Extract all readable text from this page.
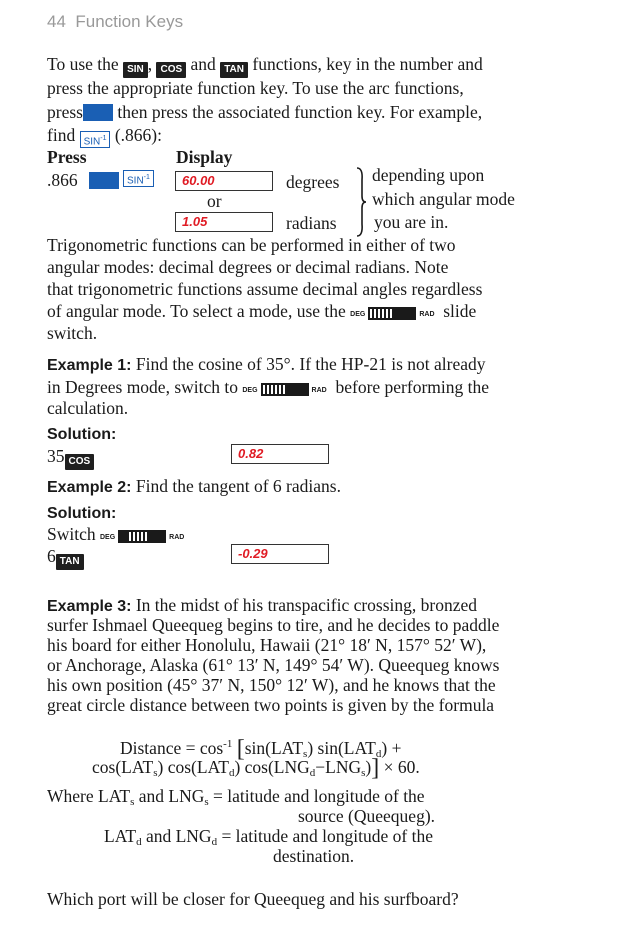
44 Function Keys
To use the SIN , COS and TAN functions, key in the number and
press the appropriate function key. To use the arc functions,
press then press the associated function key. For example,
find $SIN^{-1}$ (.866):
Press	Display
.866	$SIN^{-1}$	60.00	degrees
or
1.05	radians
depending upon
which angular mode
you are in.
Trigonometric functions can be performed in either of two
angular modes: decimal degrees or decimal radians. Note
that trigonometric functions assume decimal angles regardless
of angular mode. To select a mode, use the DEG	RAD slide
switch.
Example 1: Find the cosine of 35°. If the HP-21 is not already
in Degrees mode, switch to DEG	RAD before performing the
calculation.
Solution:
35 COS
0.82
Example 2: Find the tangent of 6 radians.
Solution:
Switch DEG	RAD
6 TAN
-0.29
Example 3: In the midst of his transpacific crossing, bronzed
surfer Ishmael Queequeg begins to tire, and he decides to paddle
his board for either Honolulu, Hawaii (21° 18′ N, 157° 52′ W),
or Anchorage, Alaska (61° 13′ N, 149° 54′ W). Queequeg knows
his own position (45° 37′ N, 150° 12′ W), and he knows that the
great circle distance between two points is given by the formula
Distance = $\cos^{-1} [\sin(LAT_s) \sin(LAT_d)$ +
$\cos(LAT_s)$ $\cos(LAT_d) \cos(LNG_d-LNG_s)] \times 60$.
Where $LAT_s$ and $LNG_s$ = latitude and longitude of the
source (Queequeg).
$LAT_d$ and $LNG_d$ = latitude and longitude of the
destination.
Which port will be closer for Queequeg and his surfboard?
